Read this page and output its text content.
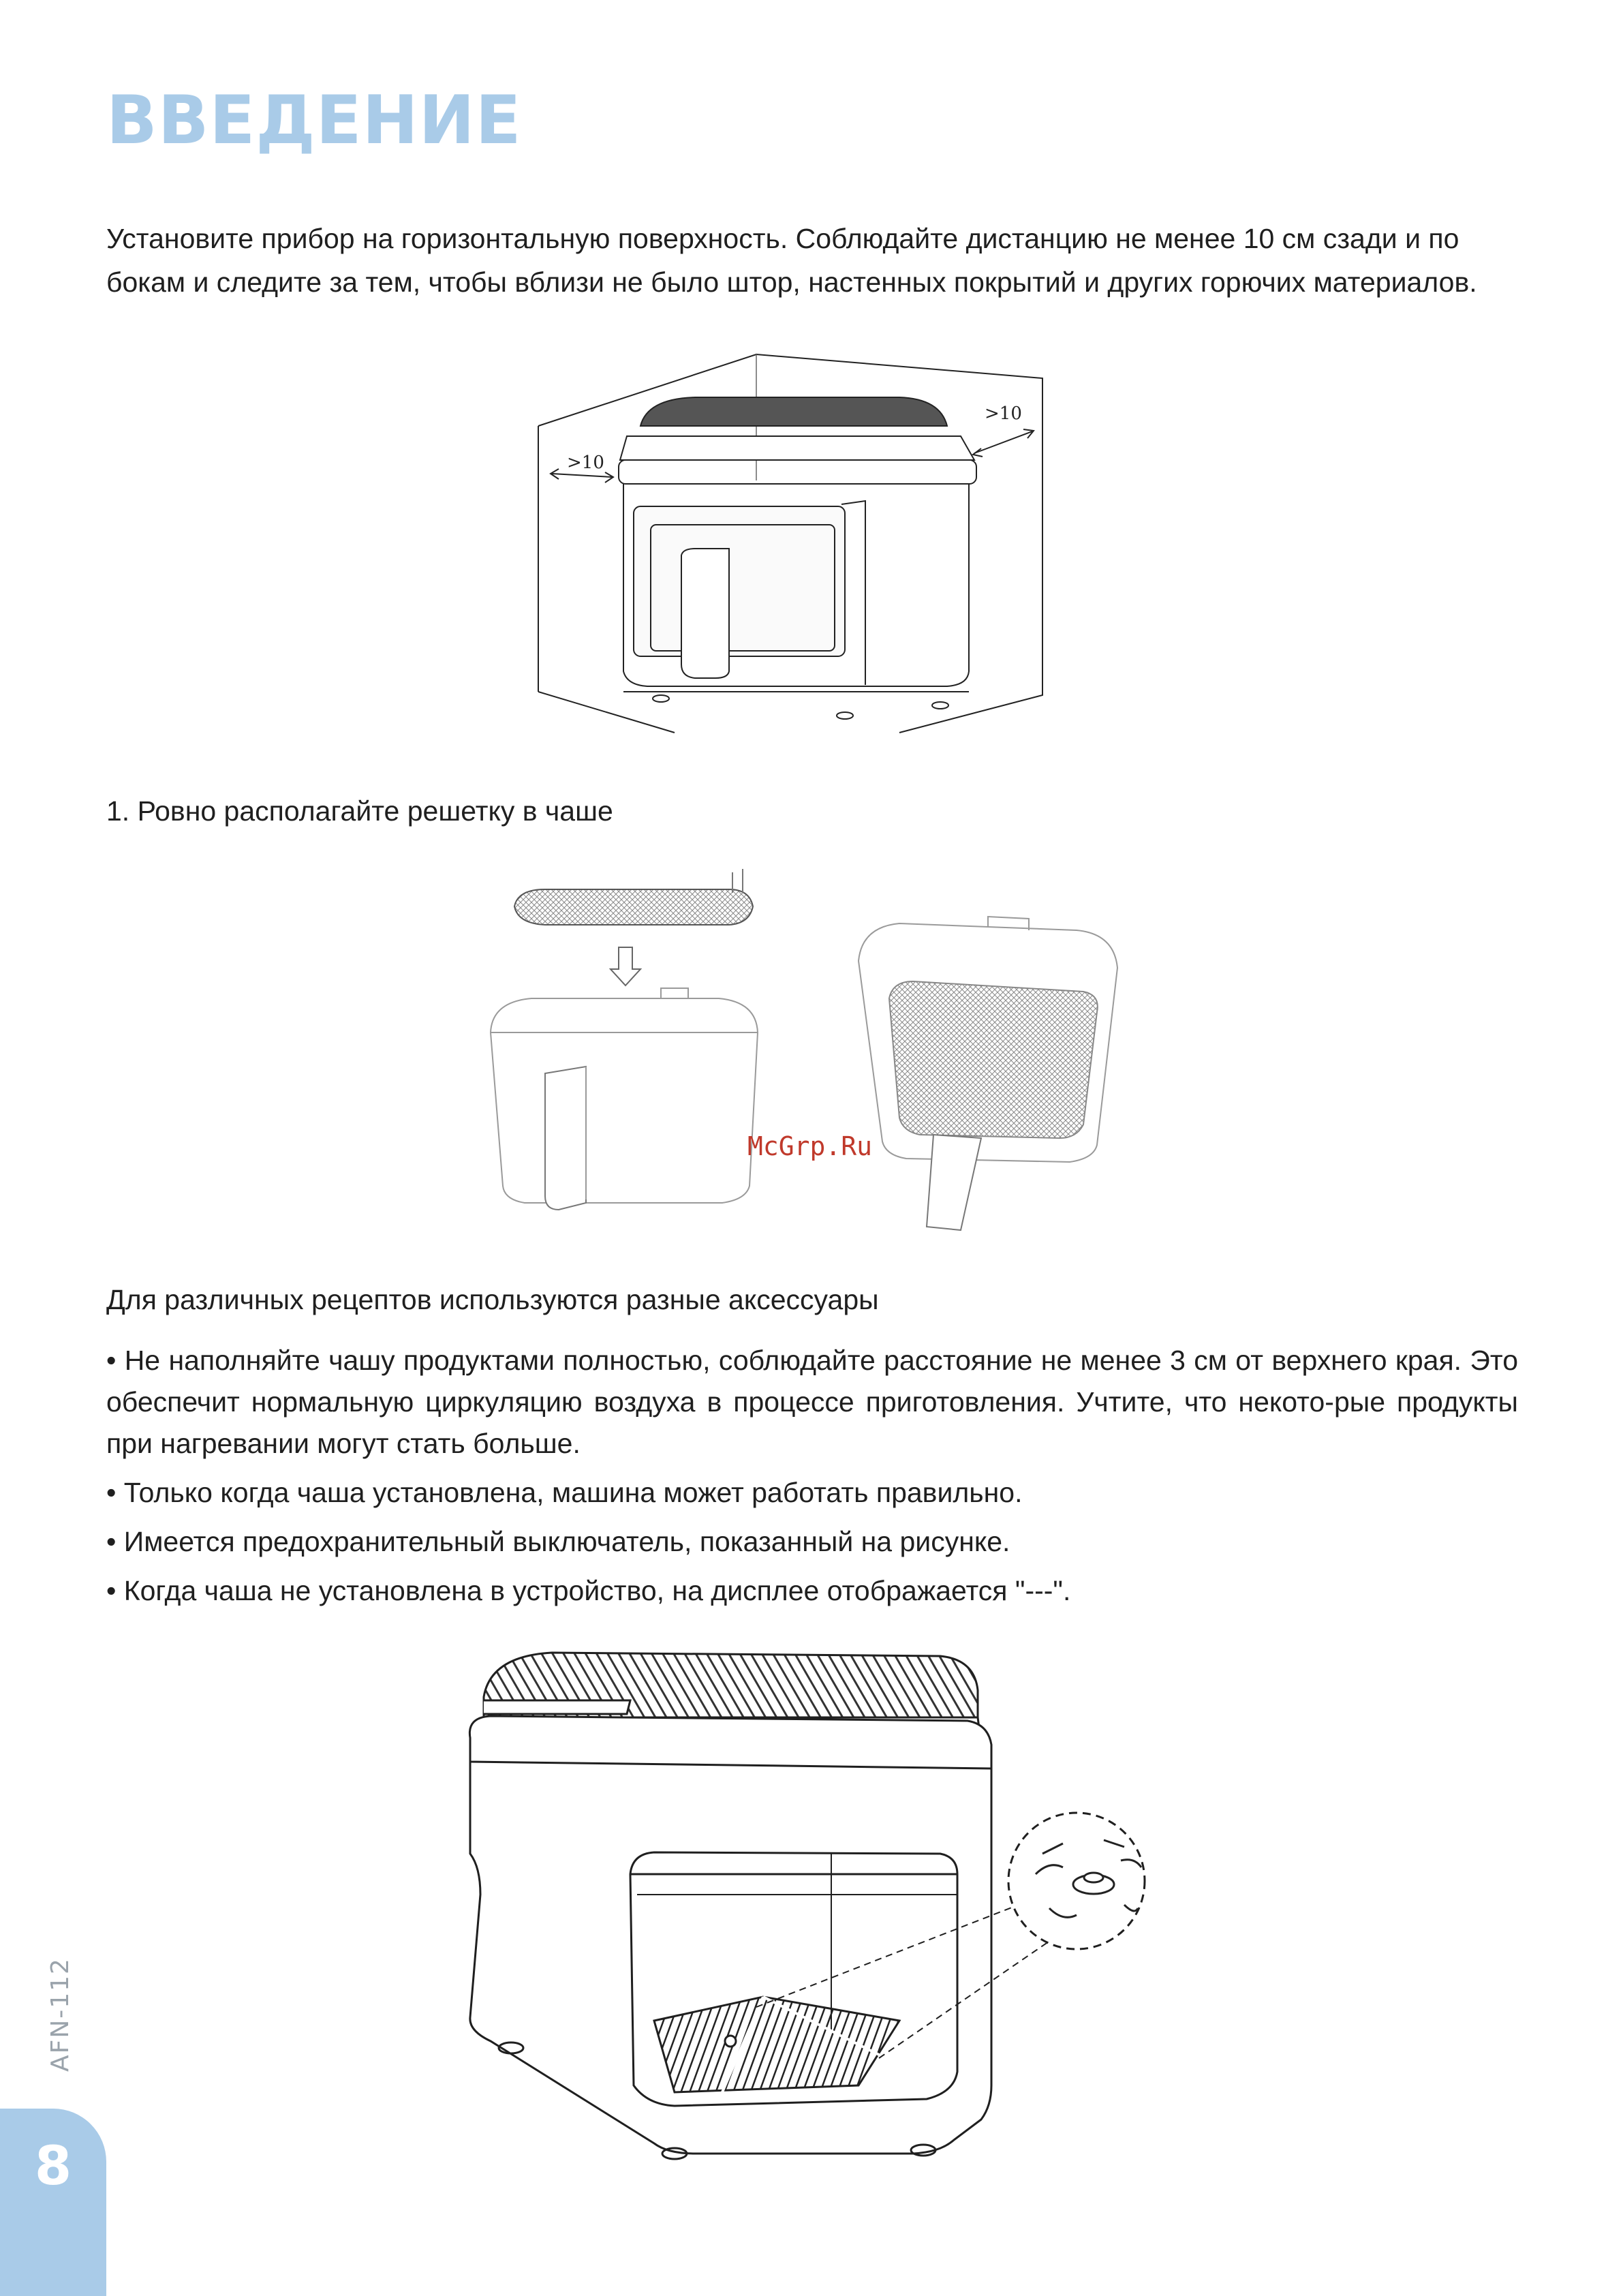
ВВЕДЕНИЕ

Установите прибор на горизонтальную поверхность. Соблюдайте дистанцию не менее 10 см сзади и по бокам и следите за тем, чтобы вблизи не было штор, настенных покрытий и других горючих материалов.

>10
>10

1. Ровно располагайте решетку в чаше

McGrp.Ru

Для различных рецептов используются разные аксессуары

• Не наполняйте чашу продуктами полностью, соблюдайте расстояние не менее 3 см от верхнего края. Это обеспечит нормальную циркуляцию воздуха в процессе приготовления. Учтите, что некото-рые продукты при нагревании могут стать больше.

• Только когда чаша установлена, машина может работать правильно.

• Имеется предохранительный выключатель, показанный на рисунке.

• Когда чаша не установлена в устройство, на дисплее отображается "---".

AFN-112
8
